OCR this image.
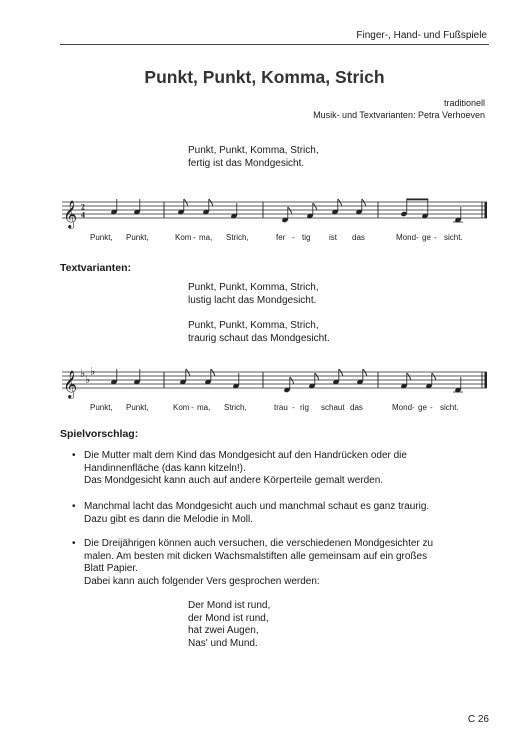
Finger-, Hand- und Fußspiele
Punkt, Punkt, Komma, Strich
traditionell
Musik- und Textvarianten: Petra Verhoeven
Punkt, Punkt, Komma, Strich,
fertig ist das Mondgesicht.
𝄞 2
4
Punkt, Punkt,	Kom - ma, Strich,	fer - tig ist das	Mond - ge - sicht.
Textvarianten:
Punkt, Punkt, Komma, Strich,
lustig lacht das Mondgesicht.
Punkt, Punkt, Komma, Strich,
traurig schaut das Mondgesicht.
𝄞 ♭ ♭
♭
Punkt, Punkt,	Kom - ma, Strich,	trau - rig schaut das	Mond - ge - sicht.
Spielvorschlag:
• Die Mutter malt dem Kind das Mondgesicht auf den Handrücken oder die
Handinnenfläche (das kann kitzeln!).
Das Mondgesicht kann auch auf andere Körperteile gemalt werden.
• Manchmal lacht das Mondgesicht auch und manchmal schaut es ganz traurig.
Dazu gibt es dann die Melodie in Moll.
• Die Dreijährigen können auch versuchen, die verschiedenen Mondgesichter zu
malen. Am besten mit dicken Wachsmalstiften alle gemeinsam auf ein großes
Blatt Papier.
Dabei kann auch folgender Vers gesprochen werden:
Der Mond ist rund,
der Mond ist rund,
hat zwei Augen,
Nas' und Mund.
C 26
